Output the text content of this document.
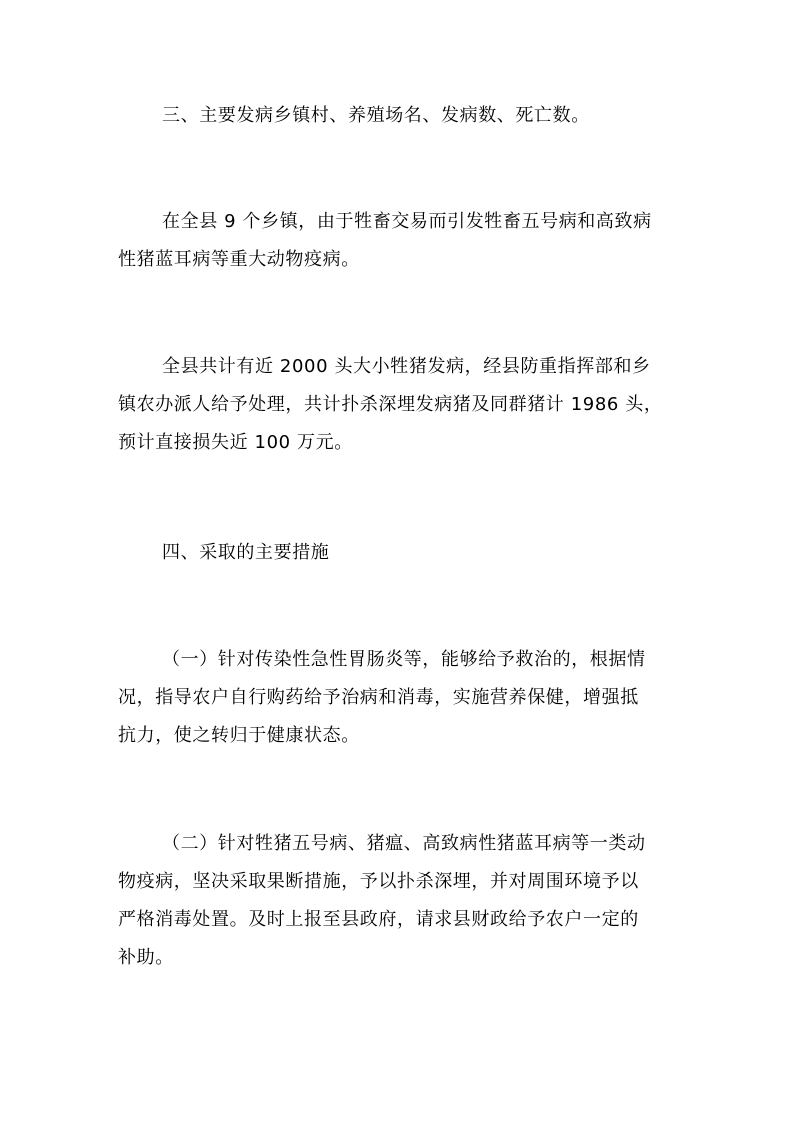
三、主要发病乡镇村、养殖场名、发病数、死亡数。

在全县 9 个乡镇，由于牲畜交易而引发牲畜五号病和高致病
性猪蓝耳病等重大动物疫病。

全县共计有近 2000 头大小牲猪发病，经县防重指挥部和乡
镇农办派人给予处理，共计扑杀深埋发病猪及同群猪计 1986 头，
预计直接损失近 100 万元。

四、采取的主要措施

（一）针对传染性急性胃肠炎等，能够给予救治的，根据情
况，指导农户自行购药给予治病和消毒，实施营养保健，增强抵
抗力，使之转归于健康状态。

（二）针对牲猪五号病、猪瘟、高致病性猪蓝耳病等一类动
物疫病，坚决采取果断措施，予以扑杀深埋，并对周围环境予以
严格消毒处置。及时上报至县政府，请求县财政给予农户一定的
补助。
